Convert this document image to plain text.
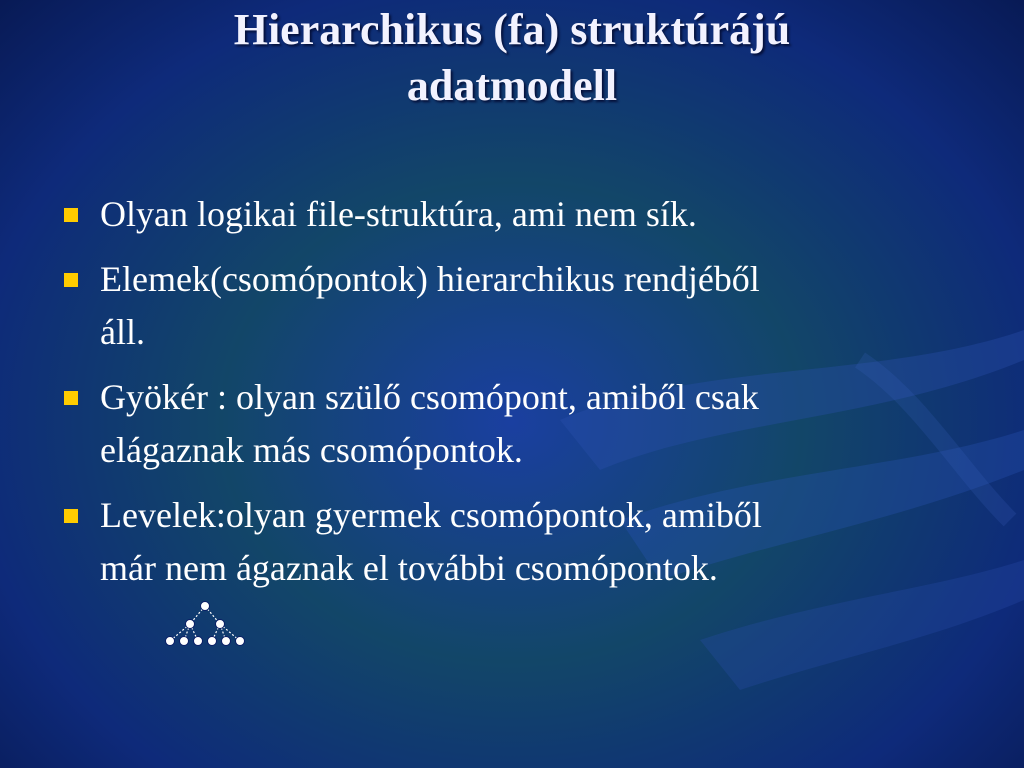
Hierarchikus (fa) struktúrájú
adatmodell
Olyan logikai file-struktúra, ami nem sík.
Elemek(csomópontok) hierarchikus rendjéből
áll.
Gyökér : olyan szülő csomópont, amiből csak
elágaznak más csomópontok.
Levelek:olyan gyermek csomópontok, amiből
már nem ágaznak el további csomópontok.
